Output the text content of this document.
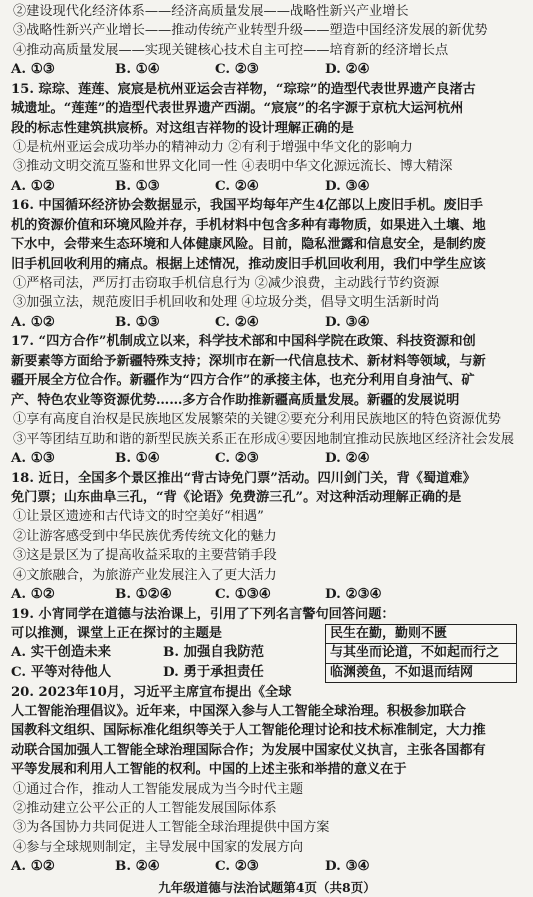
②建设现代化经济体系——经济高质量发展——战略性新兴产业增长
③战略性新兴产业增长——推动传统产业转型升级——塑造中国经济发展的新优势
④推动高质量发展——实现关键核心技术自主可控——培育新的经济增长点
A. ①③	B. ①④	C. ②③	D. ②④
15. 琮琮、莲莲、宸宸是杭州亚运会吉祥物，“琮琮”的造型代表世界遗产良渚古
城遗址。“莲莲”的造型代表世界遗产西湖。“宸宸”的名字源于京杭大运河杭州
段的标志性建筑拱宸桥。对这组吉祥物的设计理解正确的是
①是杭州亚运会成功举办的精神动力 ②有利于增强中华文化的影响力
③推动文明交流互鉴和世界文化同一性 ④表明中华文化源远流长、博大精深
A. ①②	B. ①③	C. ②④	D. ③④
16. 中国循环经济协会数据显示，我国平均每年产生4亿部以上废旧手机。废旧手
机的资源价值和环境风险并存，手机材料中包含多种有毒物质，如果进入土壤、地
下水中，会带来生态环境和人体健康风险。目前，隐私泄露和信息安全，是制约废
旧手机回收利用的痛点。根据上述情况，推动废旧手机回收利用，我们中学生应该
①严格司法，严厉打击窃取手机信息行为 ②减少浪费，主动践行节约资源
③加强立法，规范废旧手机回收和处理 ④垃圾分类，倡导文明生活新时尚
A. ①②	B. ①③	C. ②④	D. ③④
17. “四方合作”机制成立以来，科学技术部和中国科学院在政策、科技资源和创
新要素等方面给予新疆特殊支持；深圳市在新一代信息技术、新材料等领域，与新
疆开展全方位合作。新疆作为“四方合作”的承接主体，也充分利用自身油气、矿
产、特色农业等资源优势……多方合作助推新疆高质量发展。新疆的发展说明
①享有高度自治权是民族地区发展繁荣的关键②要充分利用民族地区的特色资源优势
③平等团结互助和谐的新型民族关系正在形成④要因地制宜推动民族地区经济社会发展
A. ①③	B. ①④	C. ②③	D. ②④
18. 近日，全国多个景区推出“背古诗免门票”活动。四川剑门关，背《蜀道难》
免门票；山东曲阜三孔，“背《论语》免费游三孔”。对这种活动理解正确的是
①让景区遗迹和古代诗文的时空美好“相遇”
②让游客感受到中华民族优秀传统文化的魅力
③这是景区为了提高收益采取的主要营销手段
④文旅融合，为旅游产业发展注入了更大活力
A. ①②	B. ①②④	C. ①③④	D. ②③④
19. 小宵同学在道德与法治课上，引用了下列名言警句回答问题：
可以推测，课堂上正在探讨的主题是
A. 实干创造未来	B. 加强自我防范
C. 平等对待他人	D. 勇于承担责任
民生在勤，勤则不匮
与其坐而论道，不如起而行之
临渊羡鱼，不如退而结网
20. 2023年10月，习近平主席宣布提出《全球
人工智能治理倡议》。近年来，中国深入参与人工智能全球治理。积极参加联合
国教科文组织、国际标准化组织等关于人工智能伦理讨论和技术标准制定，大力推
动联合国加强人工智能全球治理国际合作；为发展中国家仗义执言，主张各国都有
平等发展和利用人工智能的权利。中国的上述主张和举措的意义在于
①通过合作，推动人工智能发展成为当今时代主题
②推动建立公平公正的人工智能发展国际体系
③为各国协力共同促进人工智能全球治理提供中国方案
④参与全球规则制定，主导发展中国家的发展方向
A. ①②	B. ②④	C. ②③	D. ③④
九年级道德与法治试题第4页（共8页）
